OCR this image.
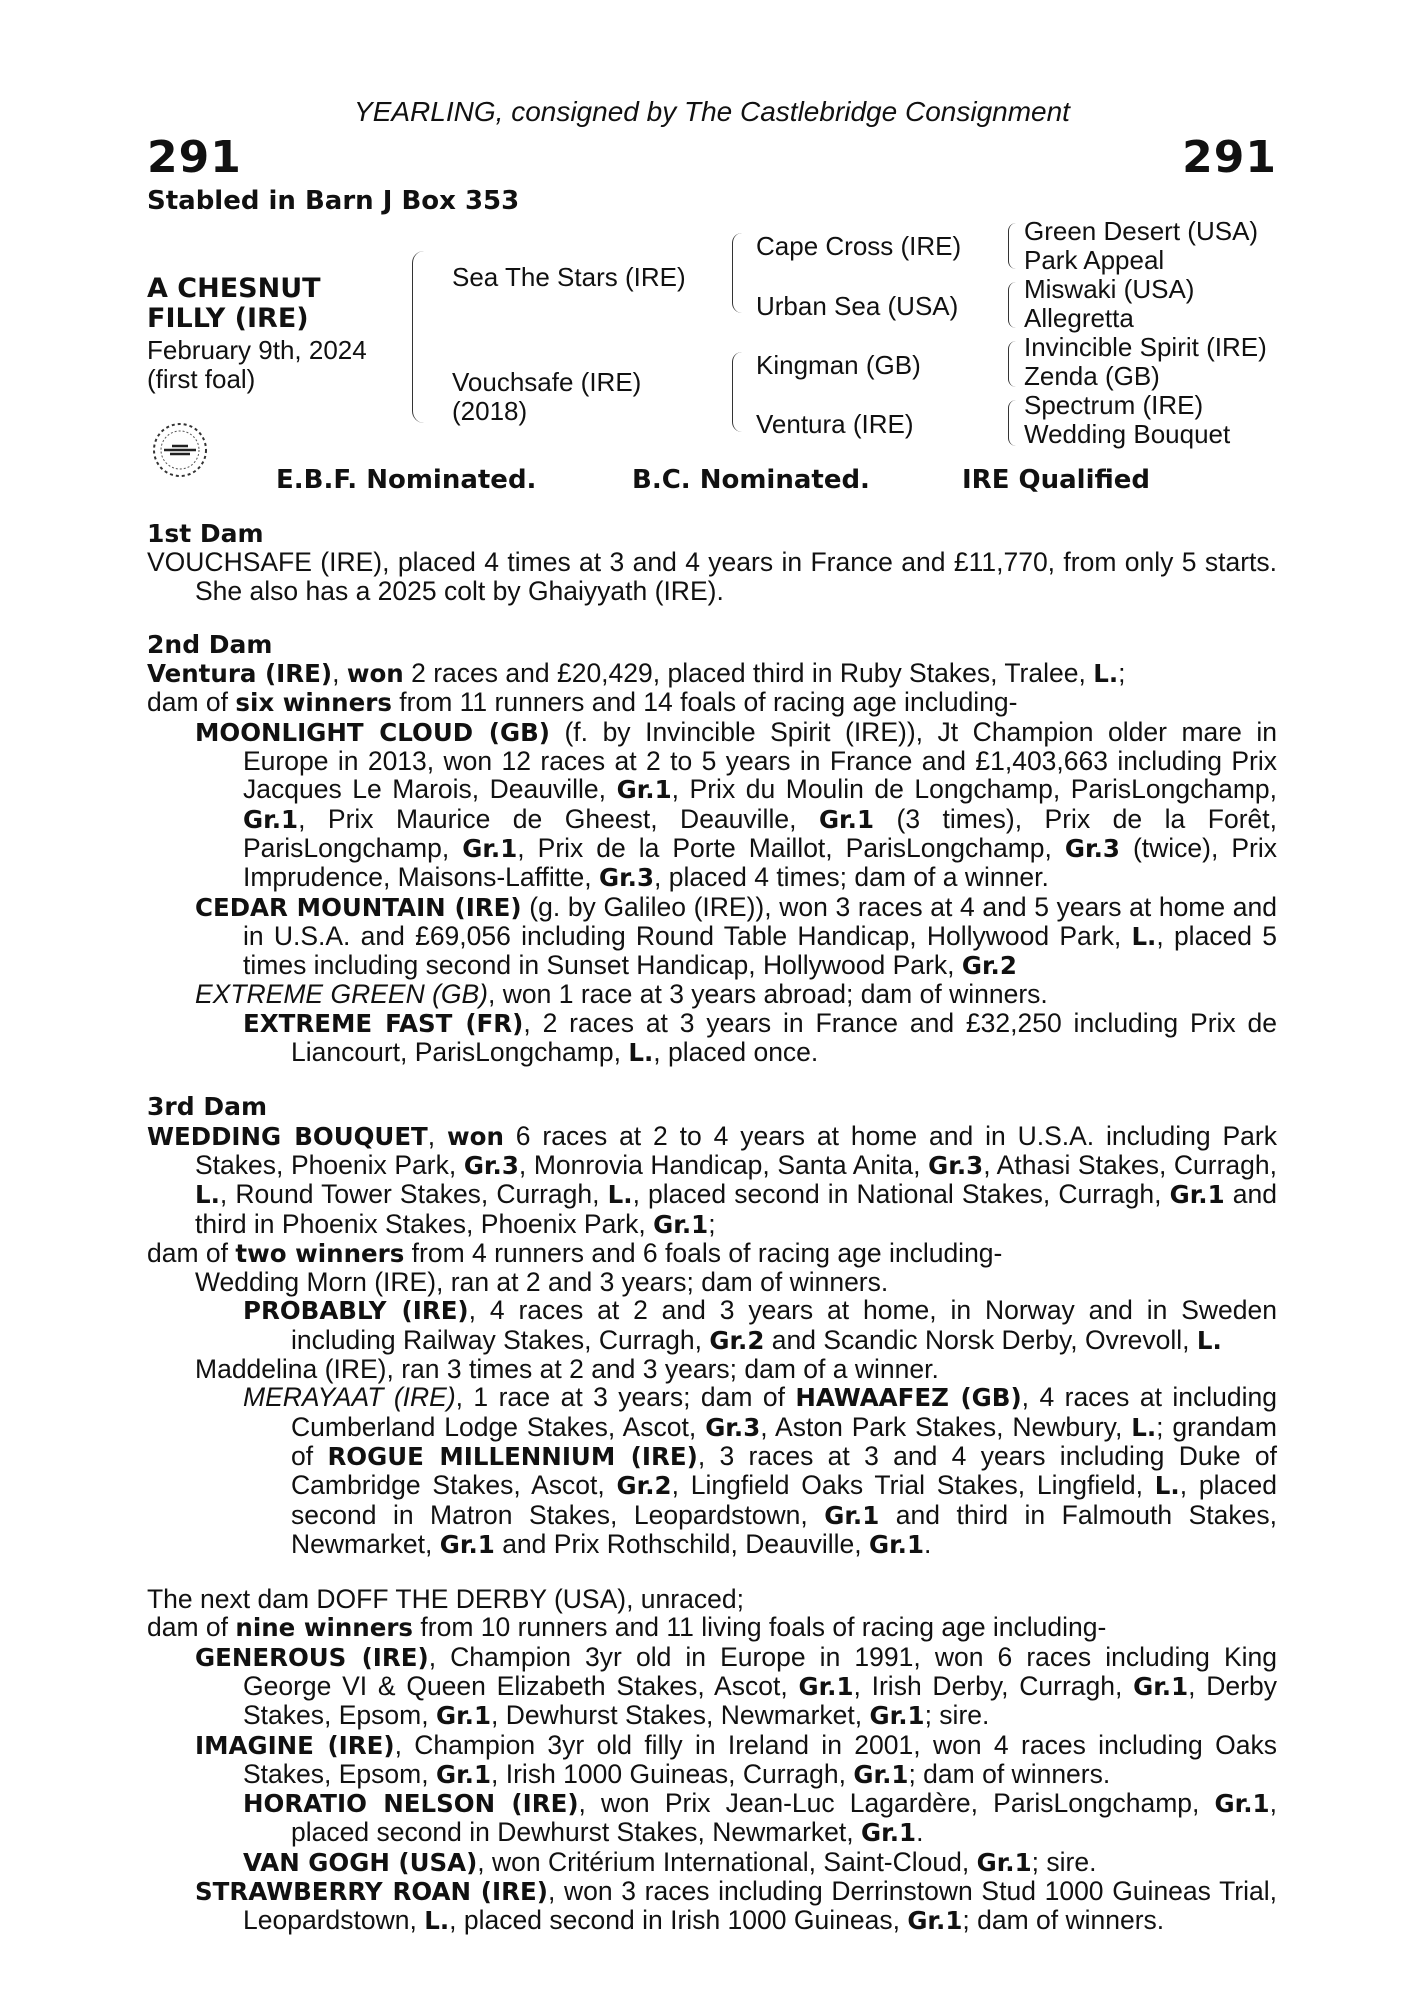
YEARLING, consigned by The Castlebridge Consignment
291	291
Stabled in Barn J Box 353
A CHESNUT
FILLY (IRE)
February 9th, 2024
(first foal)
Sea The Stars (IRE)
Vouchsafe (IRE)
(2018)
Cape Cross (IRE)
Urban Sea (USA)
Kingman (GB)
Ventura (IRE)
Green Desert (USA)
Park Appeal
Miswaki (USA)
Allegretta
Invincible Spirit (IRE)
Zenda (GB)
Spectrum (IRE)
Wedding Bouquet
E.B.F. Nominated.	B.C. Nominated.	IRE Qualified
1st Dam
VOUCHSAFE (IRE), placed 4 times at 3 and 4 years in France and £11,770, from only 5 starts. She also has a 2025 colt by Ghaiyyath (IRE).
2nd Dam
Ventura (IRE), won 2 races and £20,429, placed third in Ruby Stakes, Tralee, L.;
dam of six winners from 11 runners and 14 foals of racing age including-
MOONLIGHT CLOUD (GB) (f. by Invincible Spirit (IRE)), Jt Champion older mare in Europe in 2013, won 12 races at 2 to 5 years in France and £1,403,663 including Prix Jacques Le Marois, Deauville, Gr.1, Prix du Moulin de Longchamp, ParisLongchamp, Gr.1, Prix Maurice de Gheest, Deauville, Gr.1 (3 times), Prix de la Forêt, ParisLongchamp, Gr.1, Prix de la Porte Maillot, ParisLongchamp, Gr.3 (twice), Prix Imprudence, Maisons-Laffitte, Gr.3, placed 4 times; dam of a winner.
CEDAR MOUNTAIN (IRE) (g. by Galileo (IRE)), won 3 races at 4 and 5 years at home and in U.S.A. and £69,056 including Round Table Handicap, Hollywood Park, L., placed 5 times including second in Sunset Handicap, Hollywood Park, Gr.2
EXTREME GREEN (GB), won 1 race at 3 years abroad; dam of winners.
EXTREME FAST (FR), 2 races at 3 years in France and £32,250 including Prix de Liancourt, ParisLongchamp, L., placed once.
3rd Dam
WEDDING BOUQUET, won 6 races at 2 to 4 years at home and in U.S.A. including Park Stakes, Phoenix Park, Gr.3, Monrovia Handicap, Santa Anita, Gr.3, Athasi Stakes, Curragh, L., Round Tower Stakes, Curragh, L., placed second in National Stakes, Curragh, Gr.1 and third in Phoenix Stakes, Phoenix Park, Gr.1;
dam of two winners from 4 runners and 6 foals of racing age including-
Wedding Morn (IRE), ran at 2 and 3 years; dam of winners.
PROBABLY (IRE), 4 races at 2 and 3 years at home, in Norway and in Sweden including Railway Stakes, Curragh, Gr.2 and Scandic Norsk Derby, Ovrevoll, L.
Maddelina (IRE), ran 3 times at 2 and 3 years; dam of a winner.
MERAYAAT (IRE), 1 race at 3 years; dam of HAWAAFEZ (GB), 4 races at including Cumberland Lodge Stakes, Ascot, Gr.3, Aston Park Stakes, Newbury, L.; grandam of ROGUE MILLENNIUM (IRE), 3 races at 3 and 4 years including Duke of Cambridge Stakes, Ascot, Gr.2, Lingfield Oaks Trial Stakes, Lingfield, L., placed second in Matron Stakes, Leopardstown, Gr.1 and third in Falmouth Stakes, Newmarket, Gr.1 and Prix Rothschild, Deauville, Gr.1.
The next dam DOFF THE DERBY (USA), unraced;
dam of nine winners from 10 runners and 11 living foals of racing age including-
GENEROUS (IRE), Champion 3yr old in Europe in 1991, won 6 races including King George VI & Queen Elizabeth Stakes, Ascot, Gr.1, Irish Derby, Curragh, Gr.1, Derby Stakes, Epsom, Gr.1, Dewhurst Stakes, Newmarket, Gr.1; sire.
IMAGINE (IRE), Champion 3yr old filly in Ireland in 2001, won 4 races including Oaks Stakes, Epsom, Gr.1, Irish 1000 Guineas, Curragh, Gr.1; dam of winners.
HORATIO NELSON (IRE), won Prix Jean-Luc Lagardère, ParisLongchamp, Gr.1, placed second in Dewhurst Stakes, Newmarket, Gr.1.
VAN GOGH (USA), won Critérium International, Saint-Cloud, Gr.1; sire.
STRAWBERRY ROAN (IRE), won 3 races including Derrinstown Stud 1000 Guineas Trial, Leopardstown, L., placed second in Irish 1000 Guineas, Gr.1; dam of winners.
